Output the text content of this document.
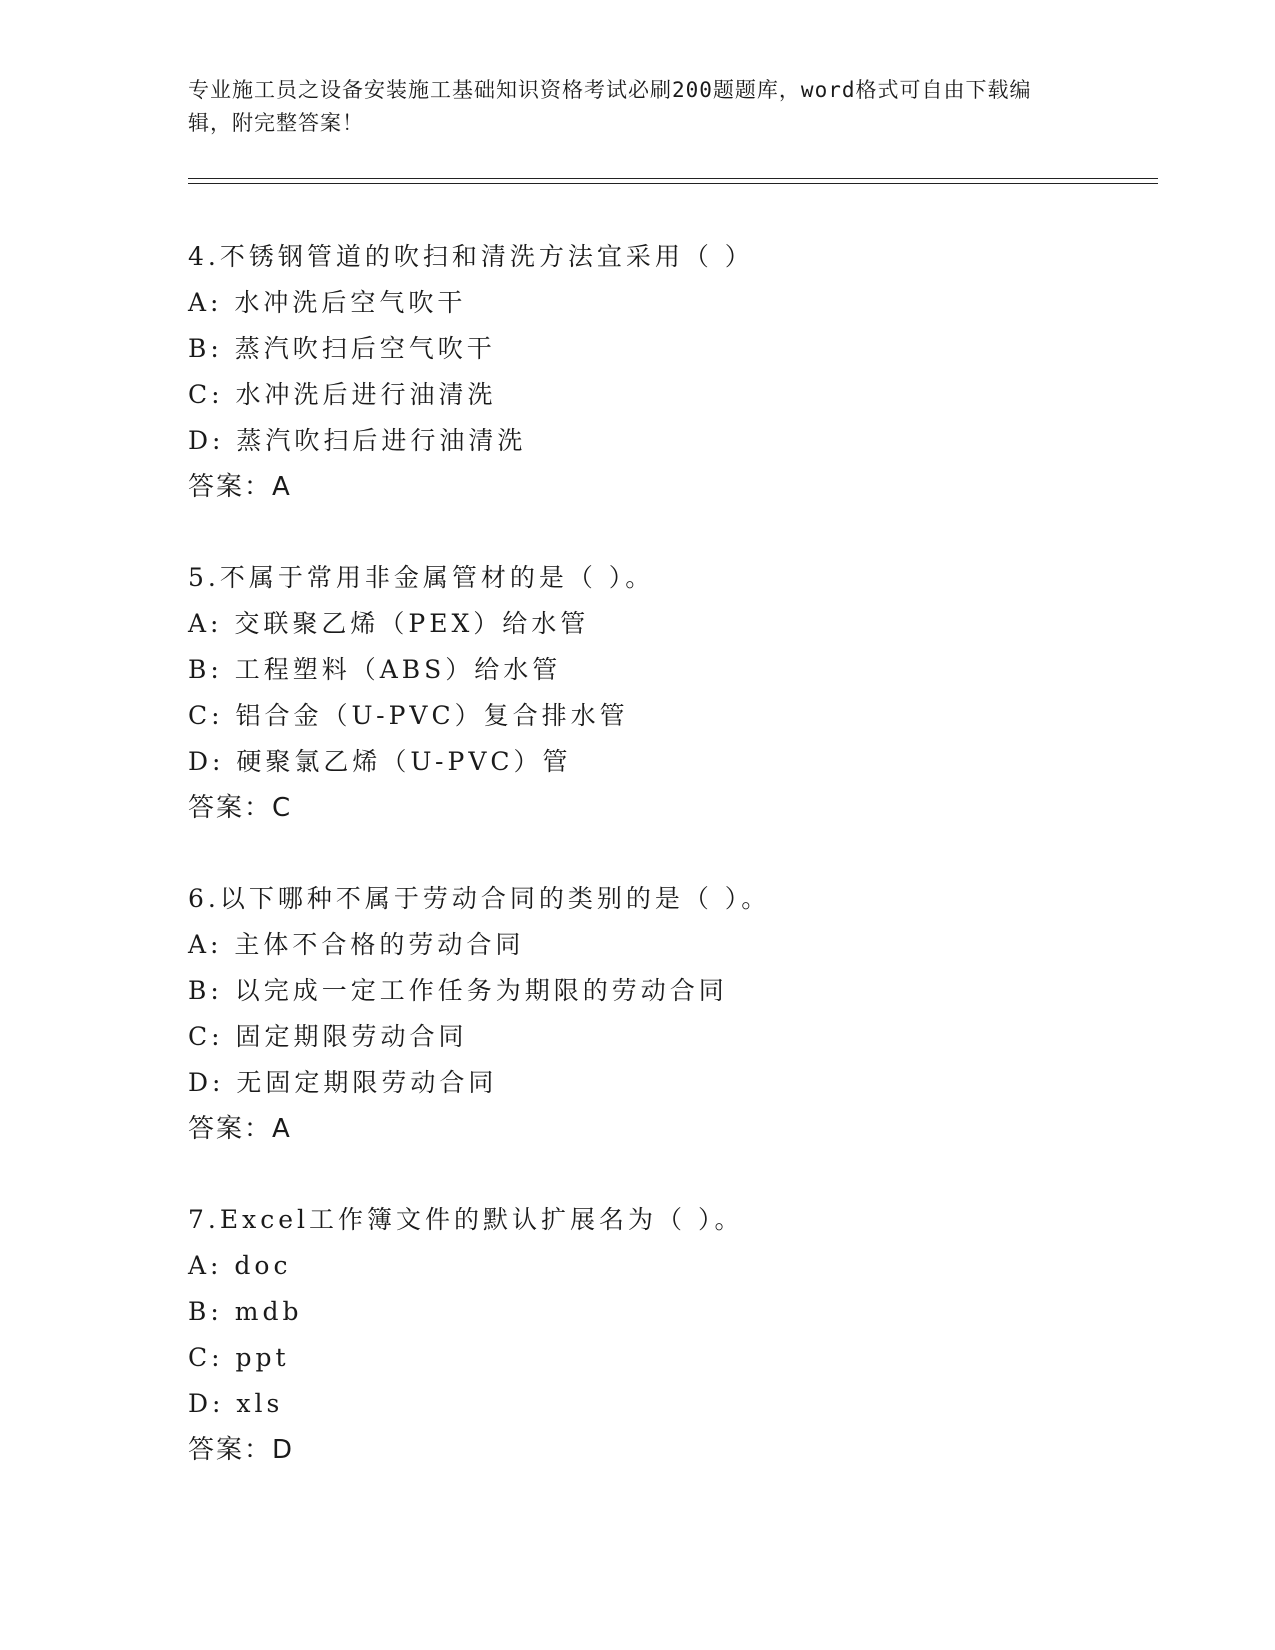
专业施工员之设备安装施工基础知识资格考试必刷200题题库，word格式可自由下载编辑，附完整答案！
4.不锈钢管道的吹扫和清洗方法宜采用（ ）
A: 水冲洗后空气吹干
B: 蒸汽吹扫后空气吹干
C: 水冲洗后进行油清洗
D: 蒸汽吹扫后进行油清洗
答案：A
5.不属于常用非金属管材的是（ ）。
A: 交联聚乙烯（PEX）给水管
B: 工程塑料（ABS）给水管
C: 铝合金（U-PVC）复合排水管
D: 硬聚氯乙烯（U-PVC）管
答案：C
6.以下哪种不属于劳动合同的类别的是（ ）。
A: 主体不合格的劳动合同
B: 以完成一定工作任务为期限的劳动合同
C: 固定期限劳动合同
D: 无固定期限劳动合同
答案：A
7.Excel工作簿文件的默认扩展名为（ ）。
A: doc
B: mdb
C: ppt
D: xls
答案：D
